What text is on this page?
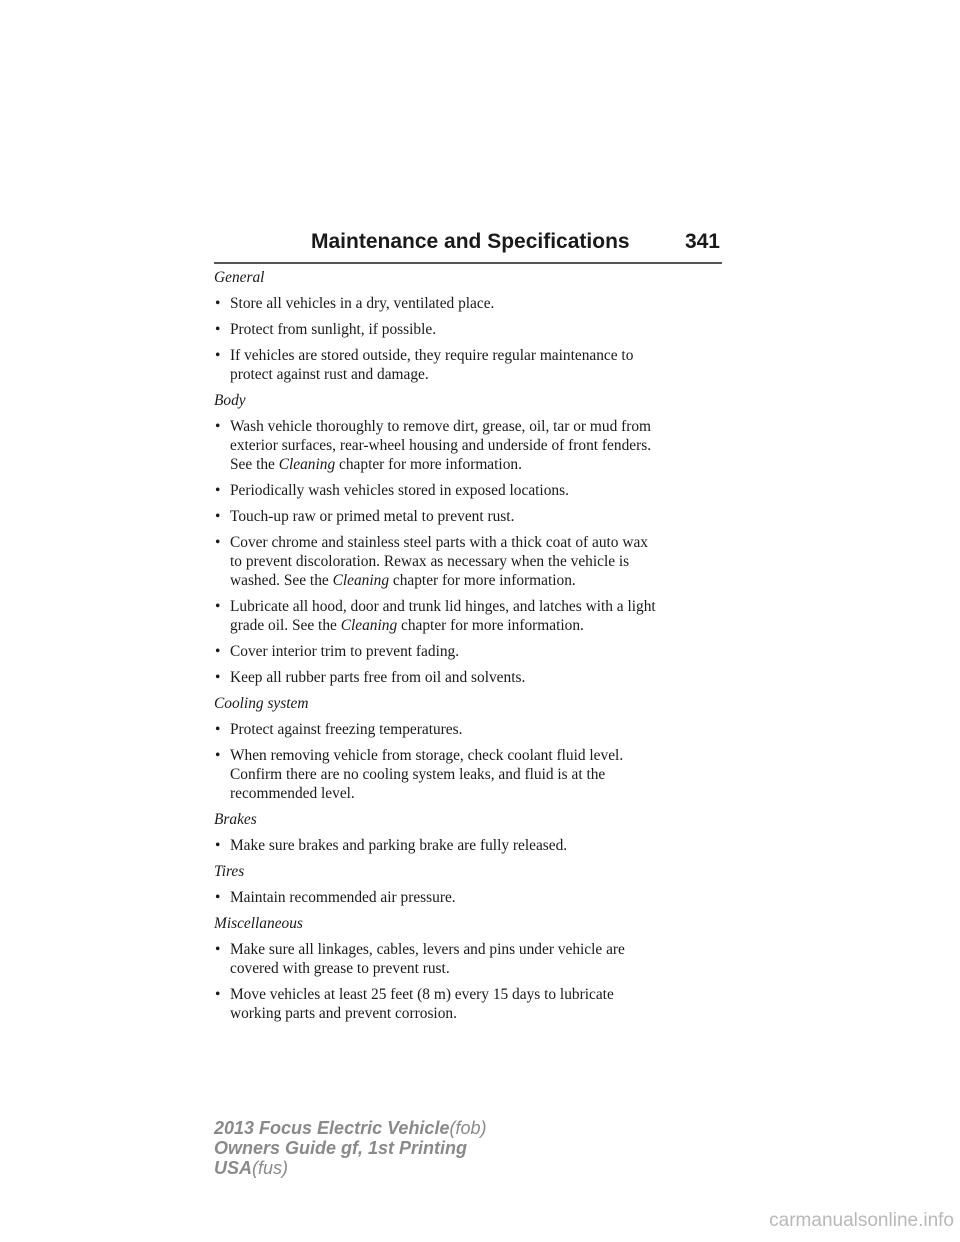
Maintenance and Specifications	341
General
• Store all vehicles in a dry, ventilated place.
• Protect from sunlight, if possible.
• If vehicles are stored outside, they require regular maintenance to
protect against rust and damage.
Body
• Wash vehicle thoroughly to remove dirt, grease, oil, tar or mud from
exterior surfaces, rear-wheel housing and underside of front fenders.
See the Cleaning chapter for more information.
• Periodically wash vehicles stored in exposed locations.
• Touch-up raw or primed metal to prevent rust.
• Cover chrome and stainless steel parts with a thick coat of auto wax
to prevent discoloration. Rewax as necessary when the vehicle is
washed. See the Cleaning chapter for more information.
• Lubricate all hood, door and trunk lid hinges, and latches with a light
grade oil. See the Cleaning chapter for more information.
• Cover interior trim to prevent fading.
• Keep all rubber parts free from oil and solvents.
Cooling system
• Protect against freezing temperatures.
• When removing vehicle from storage, check coolant fluid level.
Confirm there are no cooling system leaks, and fluid is at the
recommended level.
Brakes
• Make sure brakes and parking brake are fully released.
Tires
• Maintain recommended air pressure.
Miscellaneous
• Make sure all linkages, cables, levers and pins under vehicle are
covered with grease to prevent rust.
• Move vehicles at least 25 feet (8 m) every 15 days to lubricate
working parts and prevent corrosion.
2013 Focus Electric Vehicle(fob)
Owners Guide gf, 1st Printing
USA(fus)
carmanualsonline.info
